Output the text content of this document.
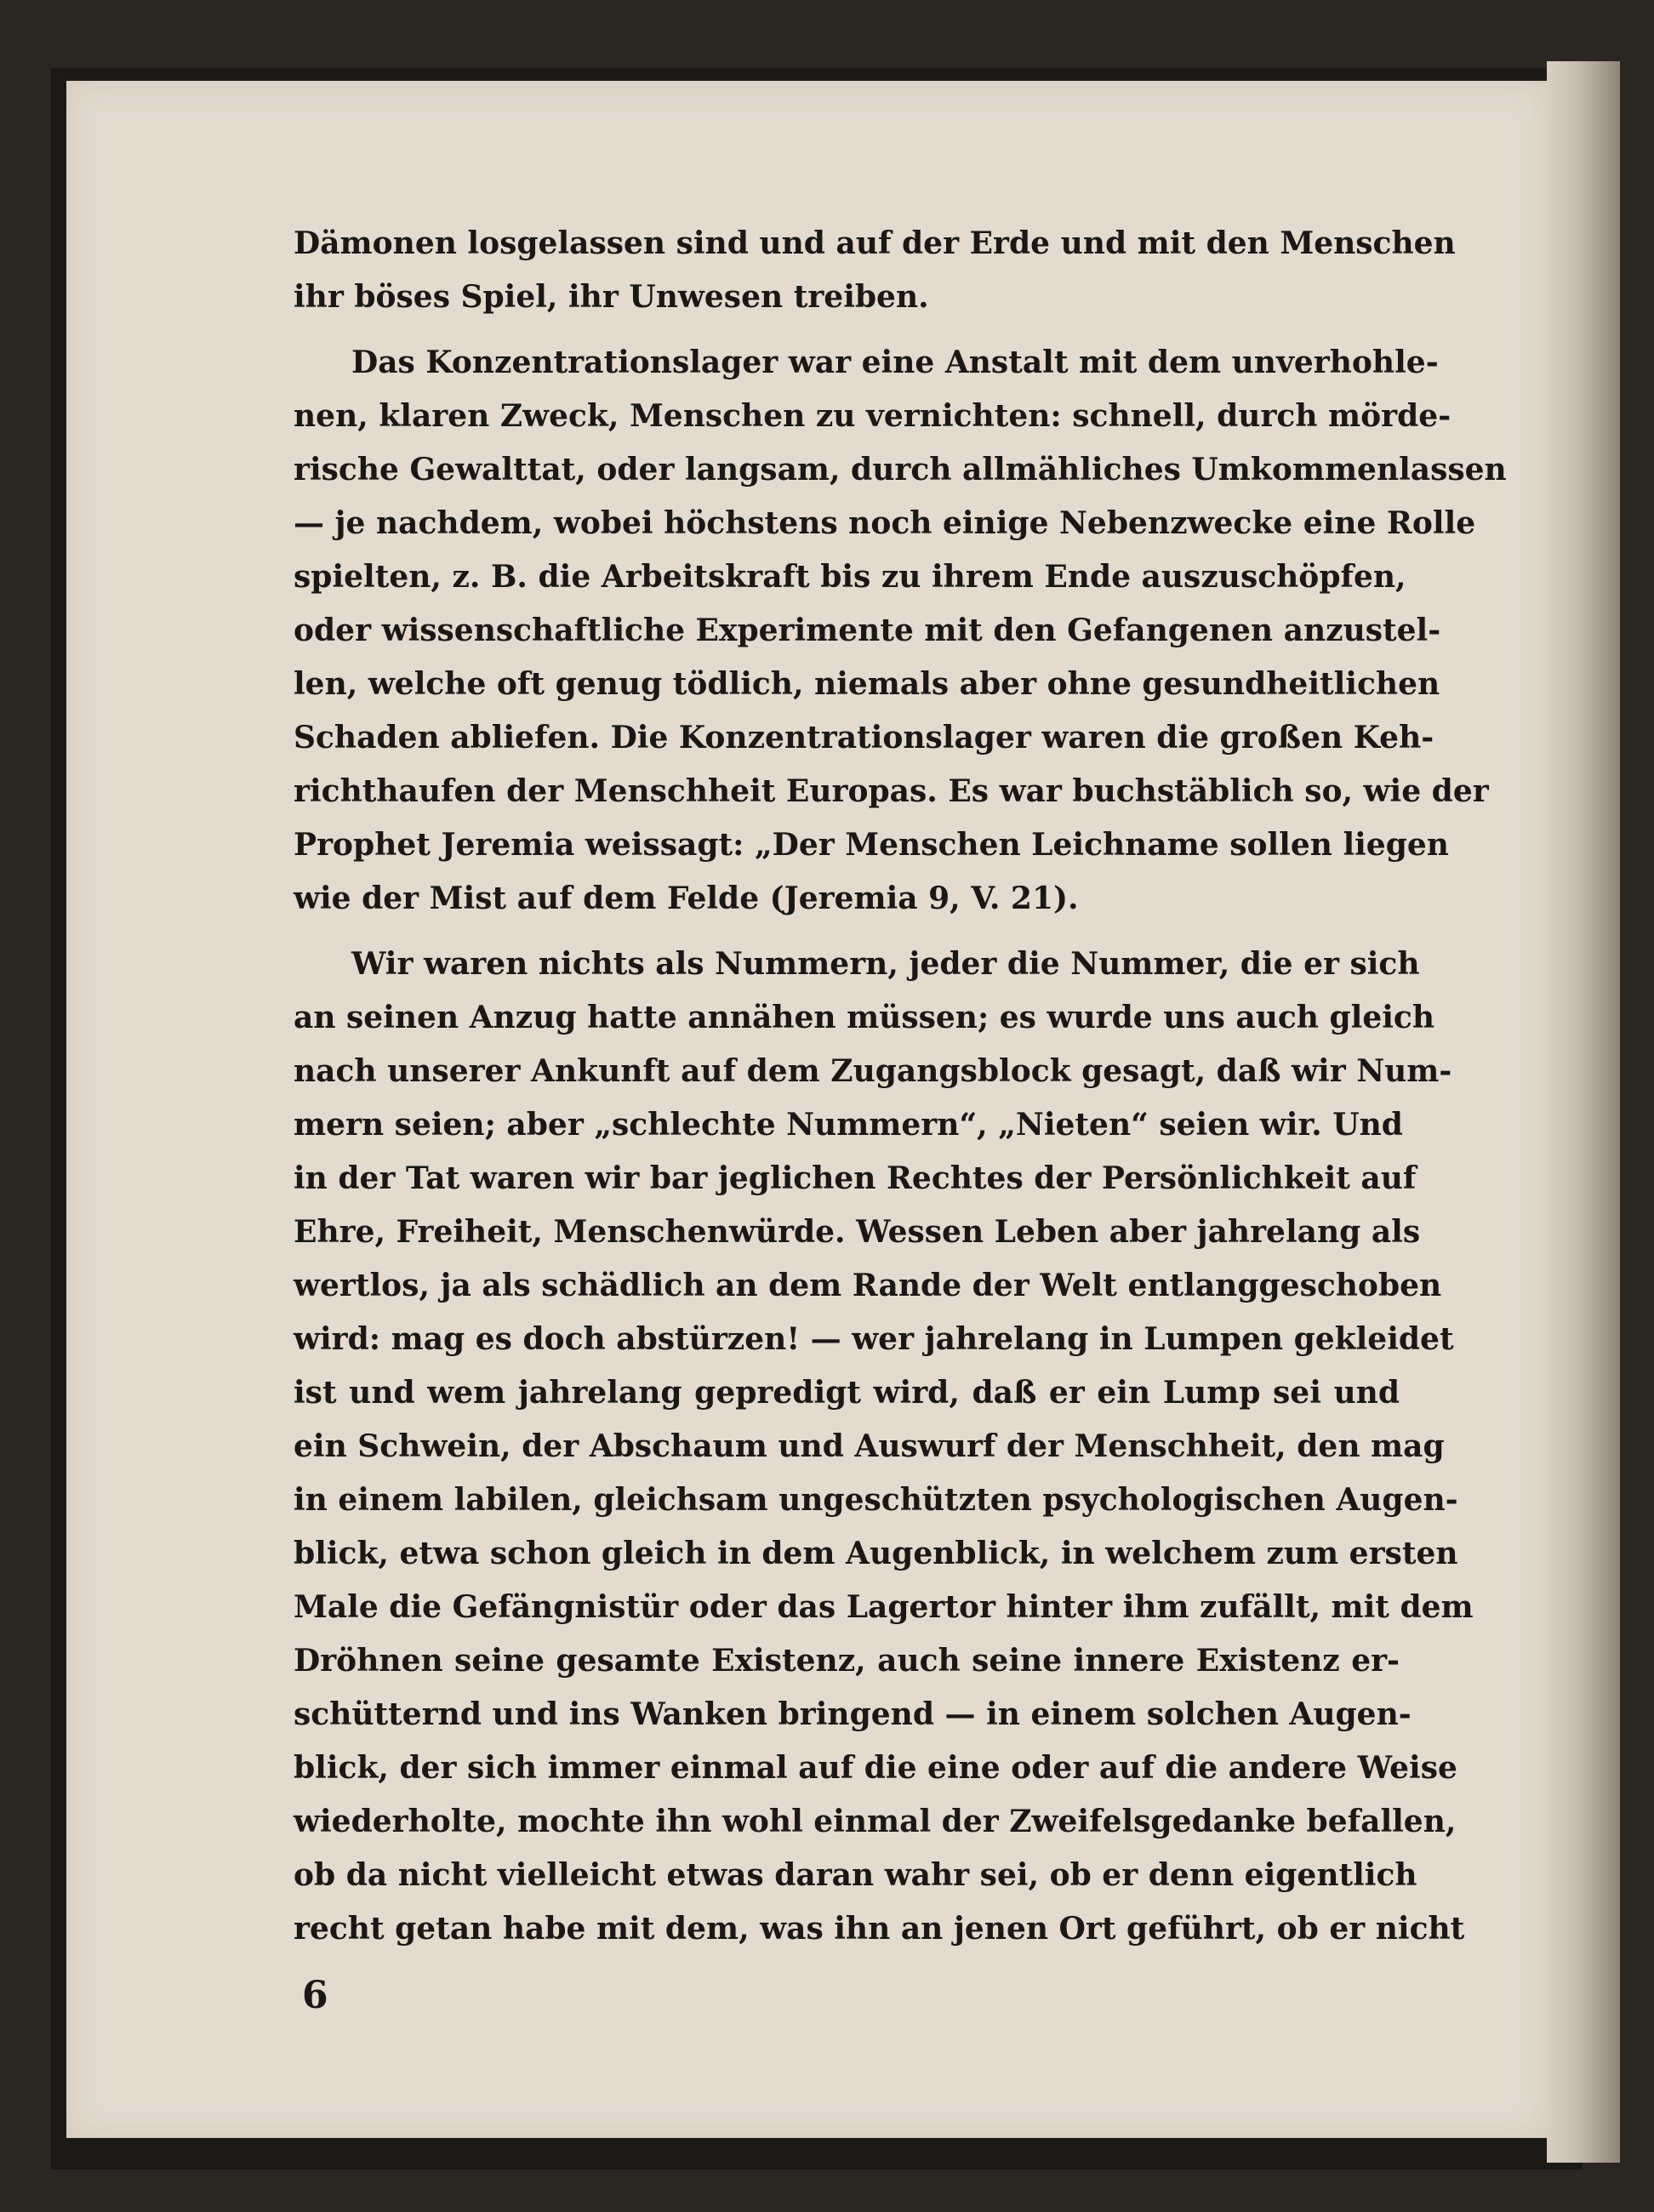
Dämonen losgelassen sind und auf der Erde und mit den Menschen
ihr böses Spiel, ihr Unwesen treiben.
Das Konzentrationslager war eine Anstalt mit dem unverhohle-
nen, klaren Zweck, Menschen zu vernichten: schnell, durch mörde-
rische Gewalttat, oder langsam, durch allmähliches Umkommenlassen
— je nachdem, wobei höchstens noch einige Nebenzwecke eine Rolle
spielten, z. B. die Arbeitskraft bis zu ihrem Ende auszuschöpfen,
oder wissenschaftliche Experimente mit den Gefangenen anzustel-
len, welche oft genug tödlich, niemals aber ohne gesundheitlichen
Schaden abliefen. Die Konzentrationslager waren die großen Keh-
richthaufen der Menschheit Europas. Es war buchstäblich so, wie der
Prophet Jeremia weissagt: „Der Menschen Leichname sollen liegen
wie der Mist auf dem Felde (Jeremia 9, V. 21).
Wir waren nichts als Nummern, jeder die Nummer, die er sich
an seinen Anzug hatte annähen müssen; es wurde uns auch gleich
nach unserer Ankunft auf dem Zugangsblock gesagt, daß wir Num-
mern seien; aber „schlechte Nummern“, „Nieten“ seien wir. Und
in der Tat waren wir bar jeglichen Rechtes der Persönlichkeit auf
Ehre, Freiheit, Menschenwürde. Wessen Leben aber jahrelang als
wertlos, ja als schädlich an dem Rande der Welt entlanggeschoben
wird: mag es doch abstürzen! — wer jahrelang in Lumpen gekleidet
ist und wem jahrelang gepredigt wird, daß er ein Lump sei und
ein Schwein, der Abschaum und Auswurf der Menschheit, den mag
in einem labilen, gleichsam ungeschützten psychologischen Augen-
blick, etwa schon gleich in dem Augenblick, in welchem zum ersten
Male die Gefängnistür oder das Lagertor hinter ihm zufällt, mit dem
Dröhnen seine gesamte Existenz, auch seine innere Existenz er-
schütternd und ins Wanken bringend — in einem solchen Augen-
blick, der sich immer einmal auf die eine oder auf die andere Weise
wiederholte, mochte ihn wohl einmal der Zweifelsgedanke befallen,
ob da nicht vielleicht etwas daran wahr sei, ob er denn eigentlich
recht getan habe mit dem, was ihn an jenen Ort geführt, ob er nicht
6
